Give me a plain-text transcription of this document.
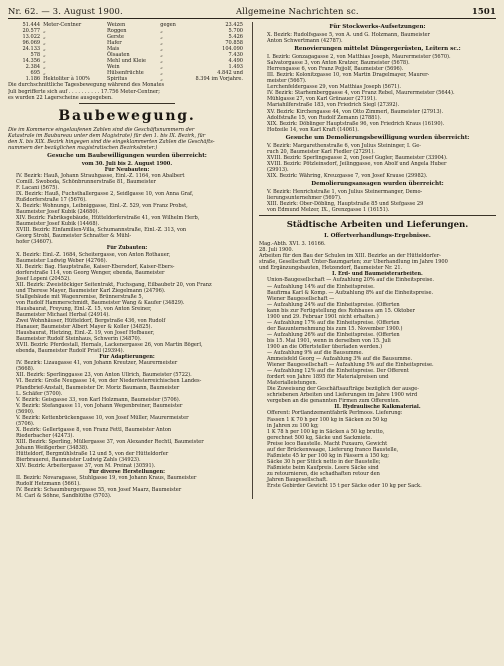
Nr. 62. — 3. August 1900.	Allgemeine Nachrichten sc.	1501
51.444	Meter-Centner	Weizen	gegen	23.425
20.577	„	Roggen	„	5.700
13.022	„	Gerste	„	5.426
96.069	„	Hafer	„	70.858
24.133	„	Mais	„	104.090
578	„	Ölsaaten	„	7.430
14.356	„	Mehl und Kleie	„	4.490
2.384	„	Wein	„	1.493
695	„	Hülsenfrüchte	„	4.842 und
1.186	Hektoliter à 100%	Spiritus	„	8.394 im Vorjahre.
Die durchschnittliche Tagesbewegung während des Monates
Juli begrifferte sich auf . . . . . . . . . . 17.756 Meter-Centner;
es wurden 22 Lagerscheine ausgegeben.
Baubewegung.
Die im Kommerce eingelaufenen Zahlen sind die Geschäftsnummern der
Katastrale im Baubureau unter dem Magistrate) für den 1. bis IX. Bezirk, für
den X. bis XIX. Bezirk hingegen sind die eingeklammerten Zahlen die Geschäfts-
nummern der bezüglichen magistratischen Bezirksämter.)
Gesuche um Baubewilligungen wurden überreicht:
vom 30. Juli bis 2. August 1900.
Für Neubauten:
IV. Bezirk: Hauß, Johann Strauhgasse, Einl.-Z. 1164, von Abalbert
Comill. Swoboda, Schönbrunnerstraße 81, Baumeister
F. Lacani (5675).
IX. Bezirk: Hauß, Fuchsthallergasse 2, Seidlgasse 10, von Anna Graf,
Rußdorferstraße 17 (5676).
X. Bezirk: Wohnungs, Leibniggasse, Einl.-Z. 529, von Franz Probst,
Baumeister Josef Kubik (24680).
XIV. Bezirk: Fabriksgebäude, Hütteldorferstraße 41, von Wilhelm Herb,
Baumeister Josef Kubik (14468).
XVIII. Bezirk: Einfamilien-Villa, Schumannstraße, Einl.-Z. 313, von
Georg Strobl, Baumeister Schnatter & Mühl-
hofer (34607).
Für Zubauten:
X. Bezirk: Einl.-Z. 1684, Scheitergasse, von Anton Rothauer,
Baumeister Ludwig Weber (42766).
XI. Bezirk: Bag. Hauptstraße, Kaiser-Ebersdorf, Kaiser-Ebers-
dorferstraße 114, von Georg Wenger, ebenda, Baumeister
Josef Lopeni (20452).
XII. Bezirk: Zweistöckiger Seitentrakt, Fuchsgang, Eilbaubetr 20, von Franz
und Therese Mayer, Baumeister Karl Ziegelmann (24796).
Stallgebäude mit Wagenremise, Brünnerstraße 5,
von Rudolf Hammerschmidt, Baumeister Wang & Kaufer (34829).
Hausbaurat, Freyung, Einl.-Z. 15, von Anton Sreiner,
Baumeister Michael Herbal (24914).
Zwei Wohnhäuser, Hütteldorf, Bergstraße 436, von Rudolf
Hanauer, Baumeister Albert Mayer & Koller (34825).
Hausbaurat, Hietzing, Einl.-Z. 19, von Josef Hofbauer,
Baumeister Rudolf Steinhaus, Schwerin (34870).
XVII. Bezirk: Pferdestall, Hernals, Lackenergasse 26, von Martin Bögerl,
ebenda, Baumeister Rudolf Pristl (29394).
Für Adaptierungen:
IV. Bezirk: Lizaugasse 41, von Johann Kreutzer, Maurermeister
(5668).
XII. Bezirk: Sperlinggasse 23, von Anton Ullrich, Baumeister (5722).
VI. Bezirk: Große Neugasse 14, von der Niederösterreichischen Landes-
Pfandbrief-Anstalt, Baumeister Dr. Moriz Baumann, Baumeister
L. Schäfer (5700).
V. Bezirk: Geisgasse 33, von Karl Holzmann, Baumeister (5706).
V. Bezirk: Stefangasse 11, von Johann Wegenbreiner, Baumeister
(5690).
V. Bezirk: Kettenbrückengasse 10, von Josef Müller, Maurermeister
(5706).
X. Bezirk: Gellertgasse 8, von Franz Fettl, Baumeister Anton
Riederbacher (42473).
XIII. Bezirk: Sperling, Müllergasse 37, von Alexander Rechtl, Baumeister
Johann Weißgerber (34838).
Hütteldorf, Bergmühlstraße 12 und 5, von der Hütteldorfer
Bierbrauerei, Baumeister Ludwig Zahls (34923).
XIV. Bezirk: Arbeitergasse 37, von M. Preinat (30591).
Für diverse Herstellungen:
II. Bezirk: Novaragasse, Stuhlgasse 19, von Johann Kraus, Baumeister
Rudolf Hetzmann (5661).
IV. Bezirk: Schaumburgergasse 55, von Josef Maarz, Baumeister
M. Carl & Söhne, Sandblüthe (5703).
Für Stockwerks-Aufsetzungen:
X. Bezirk: Rudolfsgasse 5, von A. und G. Holzmann, Baumeister
Anton Schwertmann (42787).
Renovierungen mittelst Düngergerüsten, Leitern sc.:
I. Bezirk: Gonzagagasse 2, von Matthias Joseph, Maurermeister (5670).
Salvatorgasse 3, von Anton Kratzer, Baumeister (5678).
Herrengasse 6, von Franz Pojjolf, Baumeister (5696).
III. Bezirk: Kolonitzgasse 10, von Martin Dragelmayer, Maurer-
meister (5667).
Lerchenfeldergasse 29, von Matthias Joseph (5671).
IV. Bezirk: Starhemberggasse 4, von Franz Rebel, Maurermeister (5644).
Mühlgasse 27, von Karl Grünauer (27191).
Mariahilferstraße 183, von Friedrich Siegl (27392).
XV. Bezirk: Kirchengasse 44, von Otto Zimmerl, Baumeister (27913).
Adolfstraße 15, von Rudolf Zemann (27881).
XIX. Bezirk: Döblinger Hauptstraße 96, von Friedrich Kraus (16190).
Hofzeile 14, von Karl Kraft (14061).
Gesuche um Demolierungsbewilligung wurden überreicht:
V. Bezirk: Margarethenstraße 6, von Julius Steininger, I. Ge-
ruch 20, Baumeister Karl Fiedler (27291).
XVIII. Bezirk: Sperlingsgasse 2, von Josef Gugler, Baumeister (33904).
XVIII. Bezirk: Pötzleinsdorf, Jeilinggasse, von Abolf und Angela Huber
(29913).
XIX. Bezirk: Währing, Kreuzgasse 7, von Josef Krause (29982).
Demolierungsansagen wurden überreicht:
V. Bezirk: Henrichstraße 1, von Julius Steinermanger, Demo-
lierungsunternehmer (5697).
XIII. Bezirk: Ober-Döbling, Hauptstraße 85 und Stefgasse 29
von Edmund Melzer, IX., Grenzgasse 1 (16151).
Städtische Arbeiten und Lieferungen.
I. Offertverhandlungs-Ergebnisse.
Mag.-Abth. XVI. 3. 16166.
28. Juli 1900.
Arbeiten für den Bau der Schulen im XIII. Bezirke an der Hütteldorfer-
straße, Gesellschaft Unter-Baumgarten; zur Überhandlung im Jahre 1900
und Ergänzungsbauten, Hetzendorf, Baumeister Nr. 21.
I. Erd- und Baumeisterarbeiten.
Union-Baugesellschaft — Aufzahlung 20% auf die Einheitspreise.
— Aufzahlung 14% auf die Einheitspreise.
Baufirma Karl & Komp. — Aufzahlung 8% auf die Einheitspreise.
Wiener Baugesellschaft —
— Aufzahlung 24% auf die Einheitspreise. (Offerten
kann bis zur Fertigstellung des Rohbaues am 15. Oktober
1900 und 29. Februar 1901 nicht erhalten.)
— Aufzahlung 17% auf die Einheitspreise. (Offerten
der Bauunternehmung bis zum 15. November 1900.)
— Aufzahlung 26% auf die Einheitspreise. (Offerten
bis 15. Mai 1901, wenn in derselben von 15. Juli
1900 an die Offertsteller überladen werden.)
— Aufzahlung 9% auf die Bausumme.
Ammeisfeld Georg — Aufzahlung 3% auf die Bausumme.
Wiener Baugesellschaft — Aufzahlung 5% auf die Einheitspreise.
— Aufzahlung 12% auf die Einheitspreise. Der Offerent
fordert von Jahre 1895 für Materialpreisen und
Materialleistungen.
Die Zuweisung der Geschäftsaufträge bezüglich der ausge-
schriebenen Arbeiten und Lieferungen im Jahre 1900 wird
vergeben an die genannten Firmen zum Offerenten.
II. Hydraulische Kalkmaterial.
Offerent: Portlandzementfabrik Perlmoos. Lieferung:
Fassen 1 K 70 h per 100 kg in Säcken zu 50 kg
in Jahren zu 100 kg;
1 K 78 h per 100 kg in Säcken à 50 kg brutto,
gerechnet 500 kg, Säcke und Sackmiete.
Preise loco Baustelle. Macht Fuxauro, Gewicht
auf der Brückenwaage, Lieferung franco Baustelle,
Faßmiete 45 kr per 100 kg in Fässern à 150 kg;
Säcke 30 h per Stück netto in der Baustelle;
Faßmiete beim Kaufpreis. Leere Säcke sind
zu retournieren, die schadhaften retour den
Jahren Baugesellschaft.
Erste Gebirder Gewicht 15 t per Säcke oder 10 kg per Sack.
